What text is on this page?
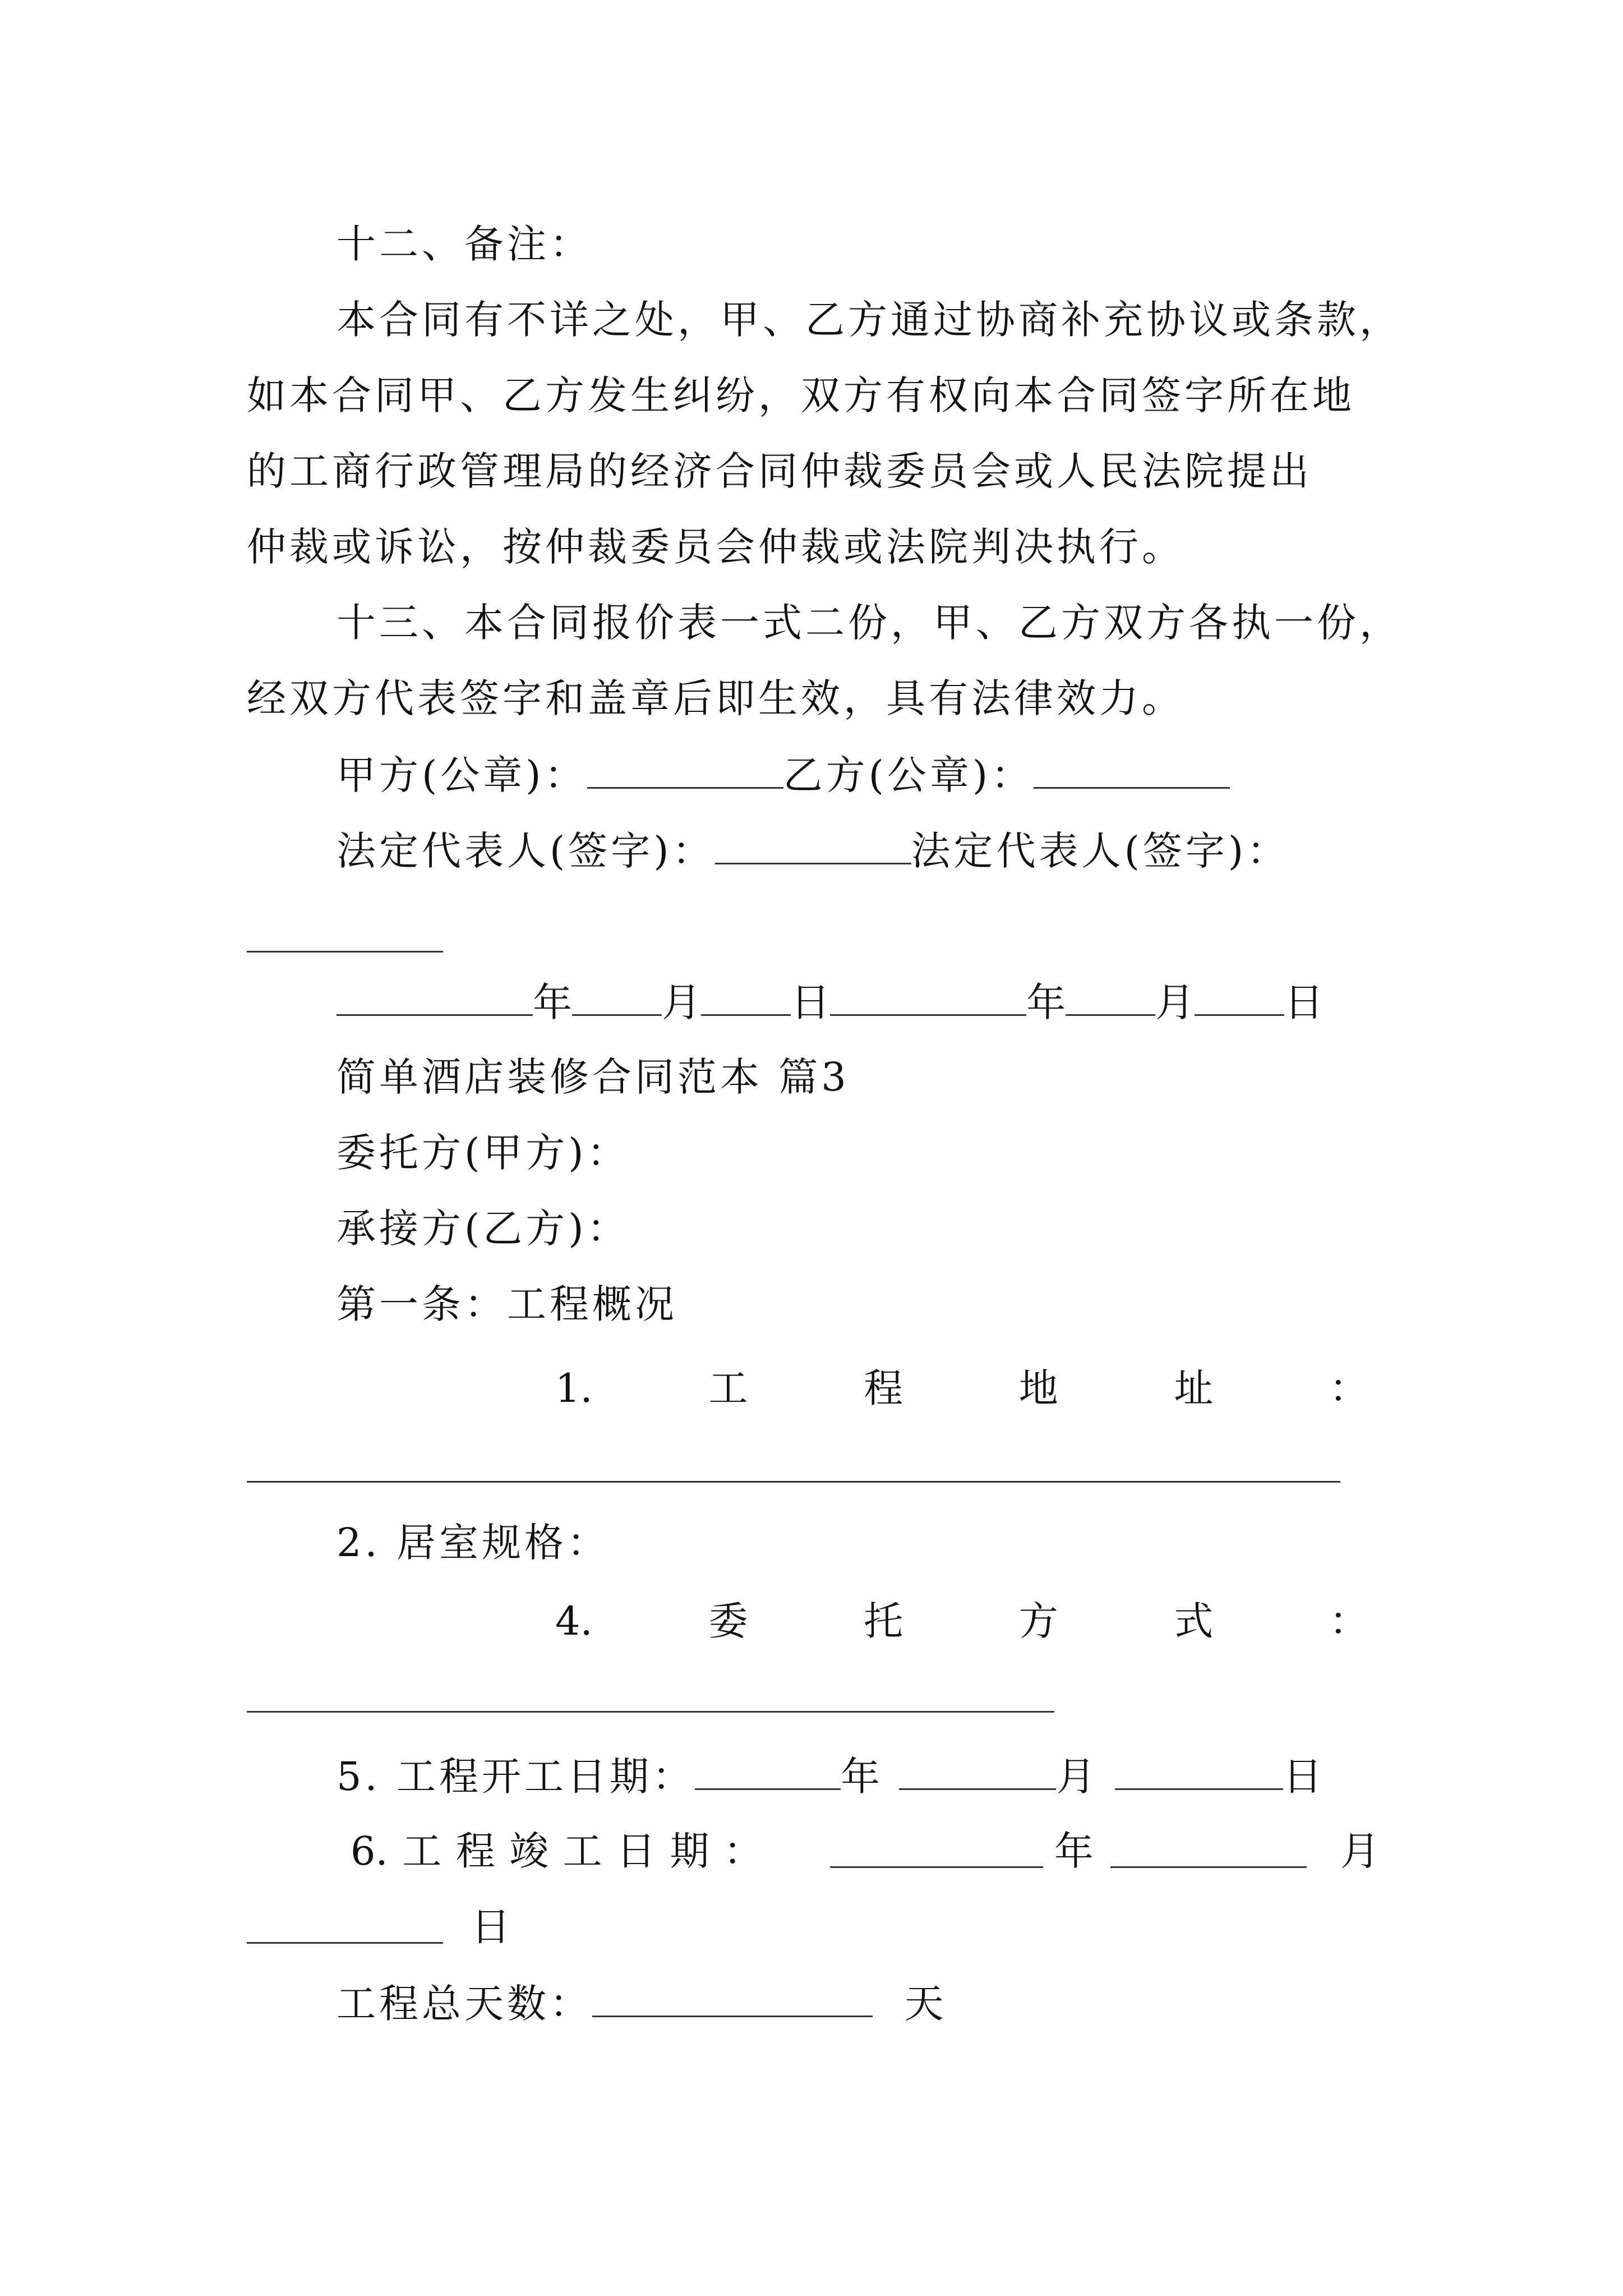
十二、备注：
本合同有不详之处，甲、乙方通过协商补充协议或条款，
如本合同甲、乙方发生纠纷，双方有权向本合同签字所在地
的工商行政管理局的经济合同仲裁委员会或人民法院提出
仲裁或诉讼，按仲裁委员会仲裁或法院判决执行。
十三、本合同报价表一式二份，甲、乙方双方各执一份，
经双方代表签字和盖章后即生效，具有法律效力。
甲方(公章)：	乙方(公章)：
法定代表人(签字)：	法定代表人(签字)：
年 月 日	年 月 日
简单酒店装修合同范本 篇3
委托方(甲方)：
承接方(乙方)：
第一条：工程概况
1.	工	程	地	址	：
2. 居室规格：
4.	委	托	方	式	：
5. 工程开工日期：	年	月	日
6. 工 程 竣 工 日 期 ：	年	月
日
工程总天数：	天
